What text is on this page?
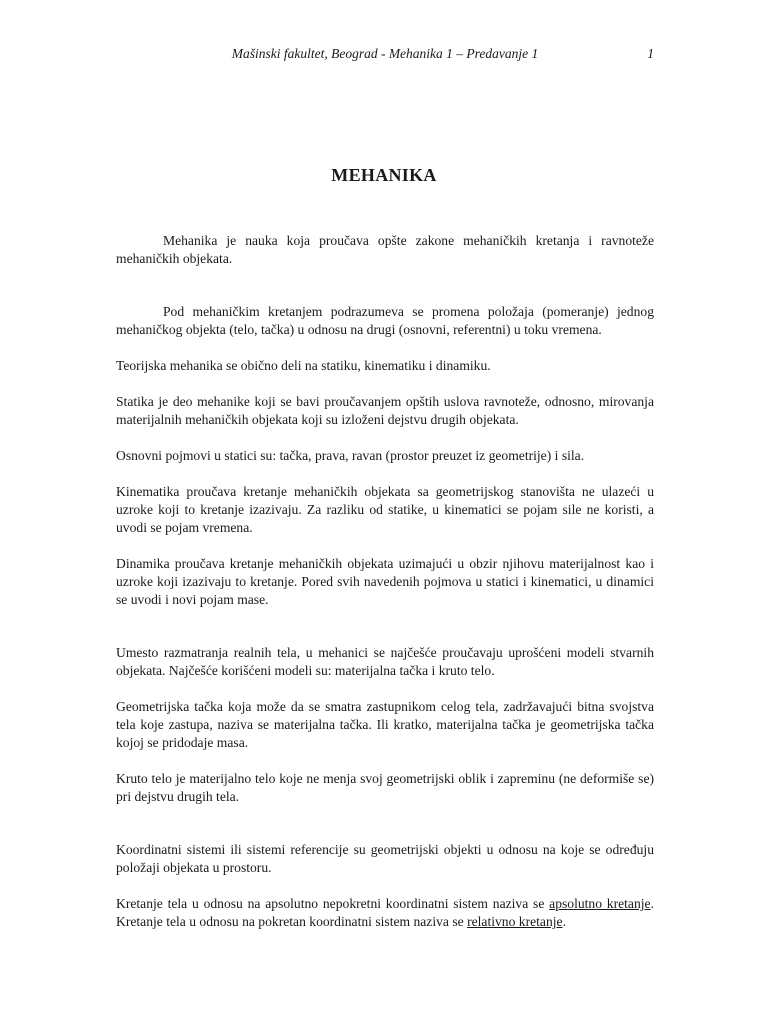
Mašinski fakultet, Beograd - Mehanika 1 – Predavanje 1	1
MEHANIKA

Mehanika je nauka koja proučava opšte zakone mehaničkih kretanja i ravnoteže mehaničkih objekata.

Pod mehaničkim kretanjem podrazumeva se promena položaja (pomeranje) jednog mehaničkog objekta (telo, tačka) u odnosu na drugi (osnovni, referentni) u toku vremena.

Teorijska mehanika se obično deli na statiku, kinematiku i dinamiku.

Statika je deo mehanike koji se bavi proučavanjem opštih uslova ravnoteže, odnosno, mirovanja materijalnih mehaničkih objekata koji su izloženi dejstvu drugih objekata.

Osnovni pojmovi u statici su: tačka, prava, ravan (prostor preuzet iz geometrije) i sila.

Kinematika proučava kretanje mehaničkih objekata sa geometrijskog stanovišta ne ulazeći u uzroke koji to kretanje izazivaju. Za razliku od statike, u kinematici se pojam sile ne koristi, a uvodi se pojam vremena.

Dinamika proučava kretanje mehaničkih objekata uzimajući u obzir njihovu materijalnost kao i uzroke koji izazivaju to kretanje. Pored svih navedenih pojmova u statici i kinematici, u dinamici se uvodi i novi pojam mase.

Umesto razmatranja realnih tela, u mehanici se najčešće proučavaju uprošćeni modeli stvarnih objekata. Najčešće korišćeni modeli su: materijalna tačka i kruto telo.

Geometrijska tačka koja može da se smatra zastupnikom celog tela, zadržavajući bitna svojstva tela koje zastupa, naziva se materijalna tačka. Ili kratko, materijalna tačka je geometrijska tačka kojoj se pridodaje masa.

Kruto telo je materijalno telo koje ne menja svoj geometrijski oblik i zapreminu (ne deformiše se) pri dejstvu drugih tela.

Koordinatni sistemi ili sistemi referencije su geometrijski objekti u odnosu na koje se određuju položaji objekata u prostoru.

Kretanje tela u odnosu na apsolutno nepokretni koordinatni sistem naziva se apsolutno kretanje. Kretanje tela u odnosu na pokretan koordinatni sistem naziva se relativno kretanje.
